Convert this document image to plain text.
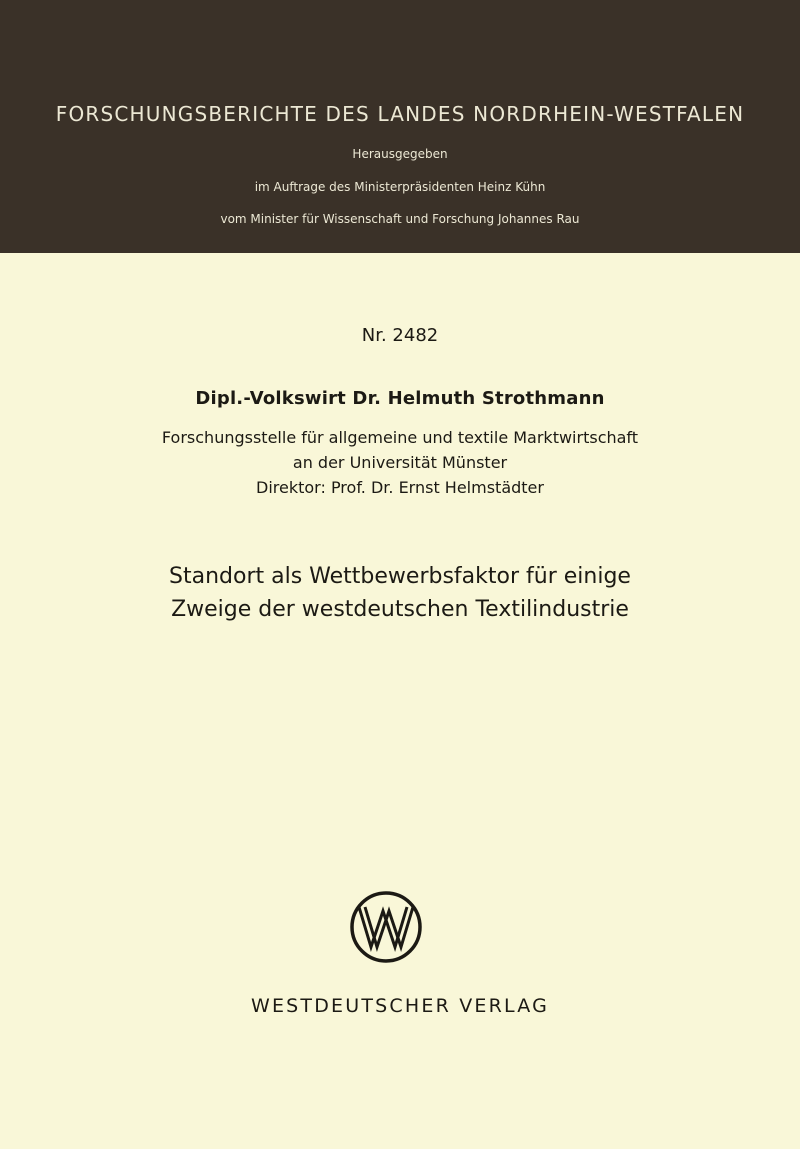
FORSCHUNGSBERICHTE DES LANDES NORDRHEIN-WESTFALEN
Herausgegeben
im Auftrage des Ministerpräsidenten Heinz Kühn
vom Minister für Wissenschaft und Forschung Johannes Rau
Nr. 2482
Dipl.-Volkswirt Dr. Helmuth Strothmann
Forschungsstelle für allgemeine und textile Marktwirtschaft
an der Universität Münster
Direktor: Prof. Dr. Ernst Helmstädter
Standort als Wettbewerbsfaktor für einige
Zweige der westdeutschen Textilindustrie
WESTDEUTSCHER VERLAG
